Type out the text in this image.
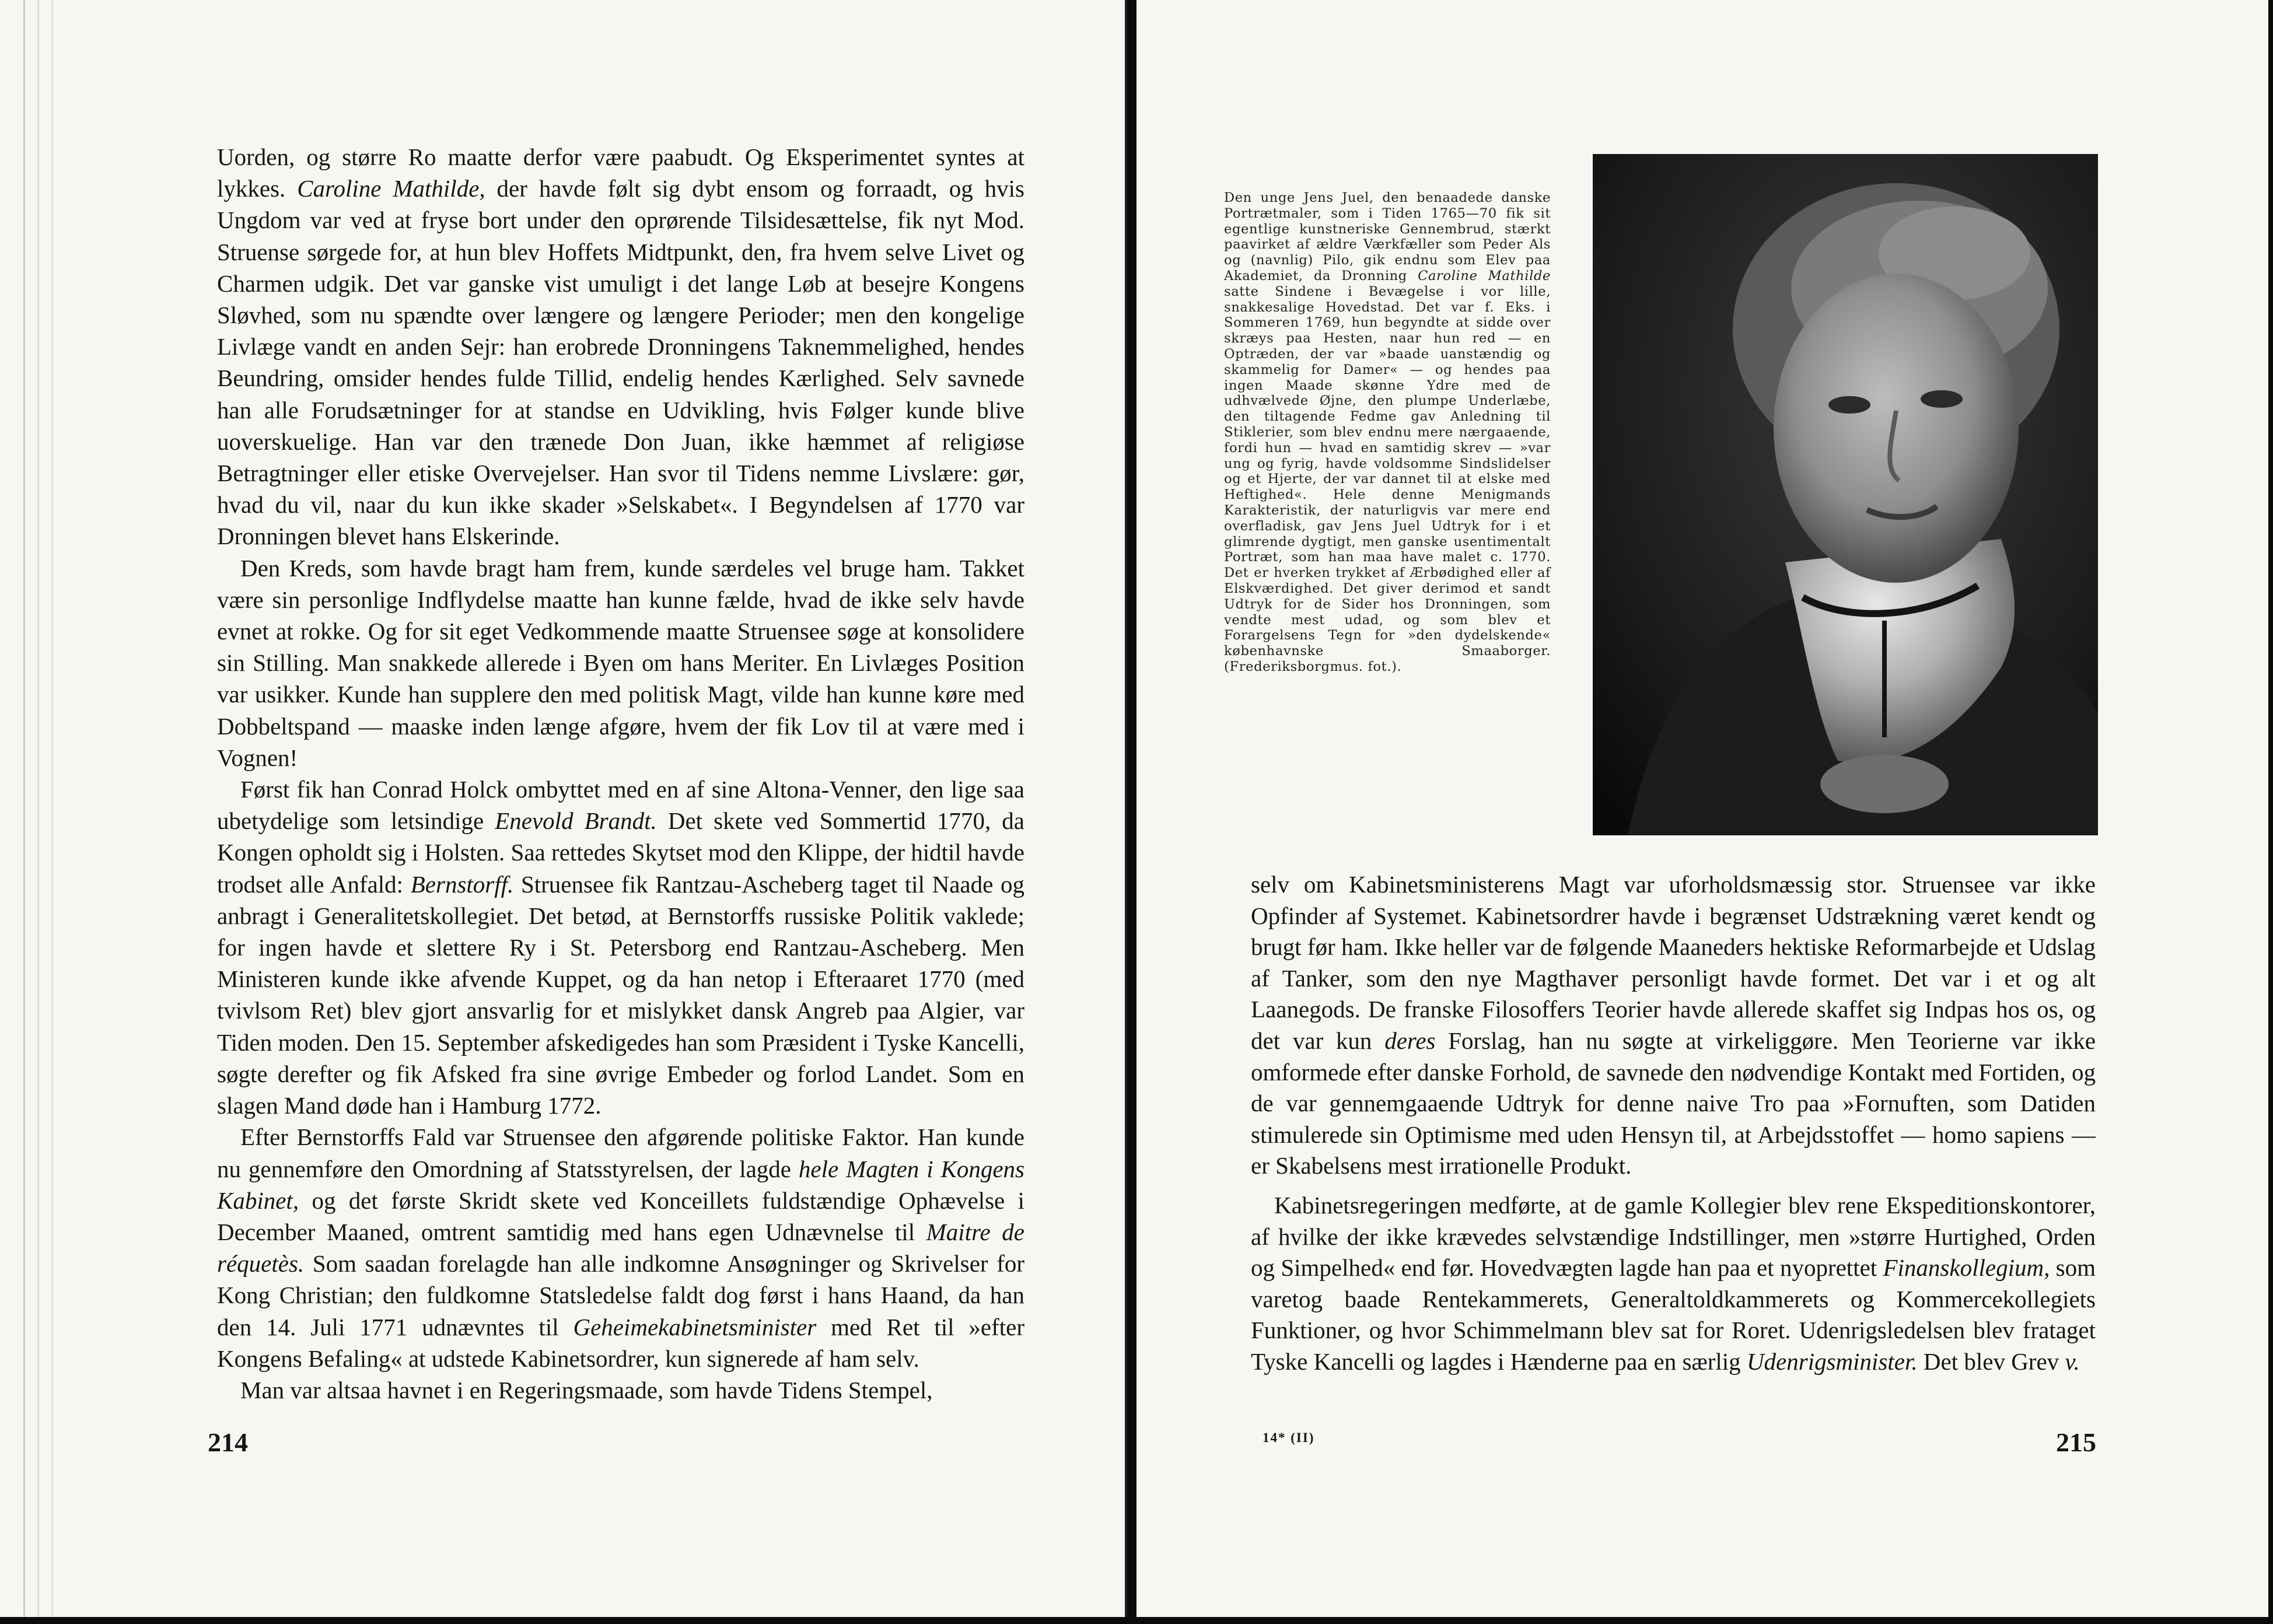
Uorden, og større Ro maatte derfor være paabudt. Og Eksperimentet syntes at lykkes. Caroline Mathilde, der havde følt sig dybt ensom og forraadt, og hvis Ungdom var ved at fryse bort under den oprørende Tilsidesættelse, fik nyt Mod. Struense sørgede for, at hun blev Hoffets Midtpunkt, den, fra hvem selve Livet og Charmen udgik. Det var ganske vist umuligt i det lange Løb at besejre Kongens Sløvhed, som nu spændte over længere og længere Perioder; men den kongelige Livlæge vandt en anden Sejr: han erobrede Dronningens Taknemmelighed, hendes Beundring, omsider hendes fulde Tillid, endelig hendes Kærlighed. Selv savnede han alle Forudsætninger for at standse en Udvikling, hvis Følger kunde blive uoverskuelige. Han var den trænede Don Juan, ikke hæmmet af religiøse Betragtninger eller etiske Overvejelser. Han svor til Tidens nemme Livslære: gør, hvad du vil, naar du kun ikke skader »Selskabet«. I Begyndelsen af 1770 var Dronningen blevet hans Elskerinde.

Den Kreds, som havde bragt ham frem, kunde særdeles vel bruge ham. Takket være sin personlige Indflydelse maatte han kunne fælde, hvad de ikke selv havde evnet at rokke. Og for sit eget Vedkommende maatte Struensee søge at konsolidere sin Stilling. Man snakkede allerede i Byen om hans Meriter. En Livlæges Position var usikker. Kunde han supplere den med politisk Magt, vilde han kunne køre med Dobbeltspand — maaske inden længe afgøre, hvem der fik Lov til at være med i Vognen!

Først fik han Conrad Holck ombyttet med en af sine Altona-Venner, den lige saa ubetydelige som letsindige Enevold Brandt. Det skete ved Sommertid 1770, da Kongen opholdt sig i Holsten. Saa rettedes Skytset mod den Klippe, der hidtil havde trodset alle Anfald: Bernstorff. Struensee fik Rantzau-Ascheberg taget til Naade og anbragt i Generalitetskollegiet. Det betød, at Bernstorffs russiske Politik vaklede; for ingen havde et slettere Ry i St. Petersborg end Rantzau-Ascheberg. Men Ministeren kunde ikke afvende Kuppet, og da han netop i Efteraaret 1770 (med tvivlsom Ret) blev gjort ansvarlig for et mislykket dansk Angreb paa Algier, var Tiden moden. Den 15. September afskedigedes han som Præsident i Tyske Kancelli, søgte derefter og fik Afsked fra sine øvrige Embeder og forlod Landet. Som en slagen Mand døde han i Hamburg 1772.

Efter Bernstorffs Fald var Struensee den afgørende politiske Faktor. Han kunde nu gennemføre den Omordning af Statsstyrelsen, der lagde hele Magten i Kongens Kabinet, og det første Skridt skete ved Konceillets fuldstændige Ophævelse i December Maaned, omtrent samtidig med hans egen Udnævnelse til Maitre de réquetès. Som saadan forelagde han alle indkomne Ansøgninger og Skrivelser for Kong Christian; den fuldkomne Statsledelse faldt dog først i hans Haand, da han den 14. Juli 1771 udnævntes til Geheimekabinetsminister med Ret til »efter Kongens Befaling« at udstede Kabinetsordrer, kun signerede af ham selv.

Man var altsaa havnet i en Regeringsmaade, som havde Tidens Stempel,

214
Den unge Jens Juel, den benaadede danske Portrætmaler, som i Tiden 1765—70 fik sit egentlige kunstneriske Gennembrud, stærkt paavirket af ældre Værkfæller som Peder Als og (navnlig) Pilo, gik endnu som Elev paa Akademiet, da Dronning Caroline Mathilde satte Sindene i Bevægelse i vor lille, snakkesalige Hovedstad. Det var f. Eks. i Sommeren 1769, hun begyndte at sidde over skræys paa Hesten, naar hun red — en Optræden, der var »baade uanstændig og skammelig for Damer« — og hendes paa ingen Maade skønne Ydre med de udhvælvede Øjne, den plumpe Underlæbe, den tiltagende Fedme gav Anledning til Stiklerier, som blev endnu mere nærgaaende, fordi hun — hvad en samtidig skrev — »var ung og fyrig, havde voldsomme Sindslidelser og et Hjerte, der var dannet til at elske med Heftighed«. Hele denne Menigmands Karakteristik, der naturligvis var mere end overfladisk, gav Jens Juel Udtryk for i et glimrende dygtigt, men ganske usentimentalt Portræt, som han maa have malet c. 1770. Det er hverken trykket af Ærbødighed eller af Elskværdighed. Det giver derimod et sandt Udtryk for de Sider hos Dronningen, som vendte mest udad, og som blev et Forargelsens Tegn for »den dydelskende« københavnske Smaaborger. (Frederiksborgmus. fot.).

selv om Kabinetsministerens Magt var uforholdsmæssig stor. Struensee var ikke Opfinder af Systemet. Kabinetsordrer havde i begrænset Udstrækning været kendt og brugt før ham. Ikke heller var de følgende Maaneders hektiske Reformarbejde et Udslag af Tanker, som den nye Magthaver personligt havde formet. Det var i et og alt Laanegods. De franske Filosoffers Teorier havde allerede skaffet sig Indpas hos os, og det var kun deres Forslag, han nu søgte at virkeliggøre. Men Teorierne var ikke omformede efter danske Forhold, de savnede den nødvendige Kontakt med Fortiden, og de var gennemgaaende Udtryk for denne naive Tro paa »Fornuften, som Datiden stimulerede sin Optimisme med uden Hensyn til, at Arbejdsstoffet — homo sapiens — er Skabelsens mest irrationelle Produkt.

Kabinetsregeringen medførte, at de gamle Kollegier blev rene Ekspeditionskontorer, af hvilke der ikke krævedes selvstændige Indstillinger, men »større Hurtighed, Orden og Simpelhed« end før. Hovedvægten lagde han paa et nyoprettet Finanskollegium, som varetog baade Rentekammerets, Generaltoldkammerets og Kommercekollegiets Funktioner, og hvor Schimmelmann blev sat for Roret. Udenrigsledelsen blev frataget Tyske Kancelli og lagdes i Hænderne paa en særlig Udenrigsminister. Det blev Grev v.

14* (II)	215
